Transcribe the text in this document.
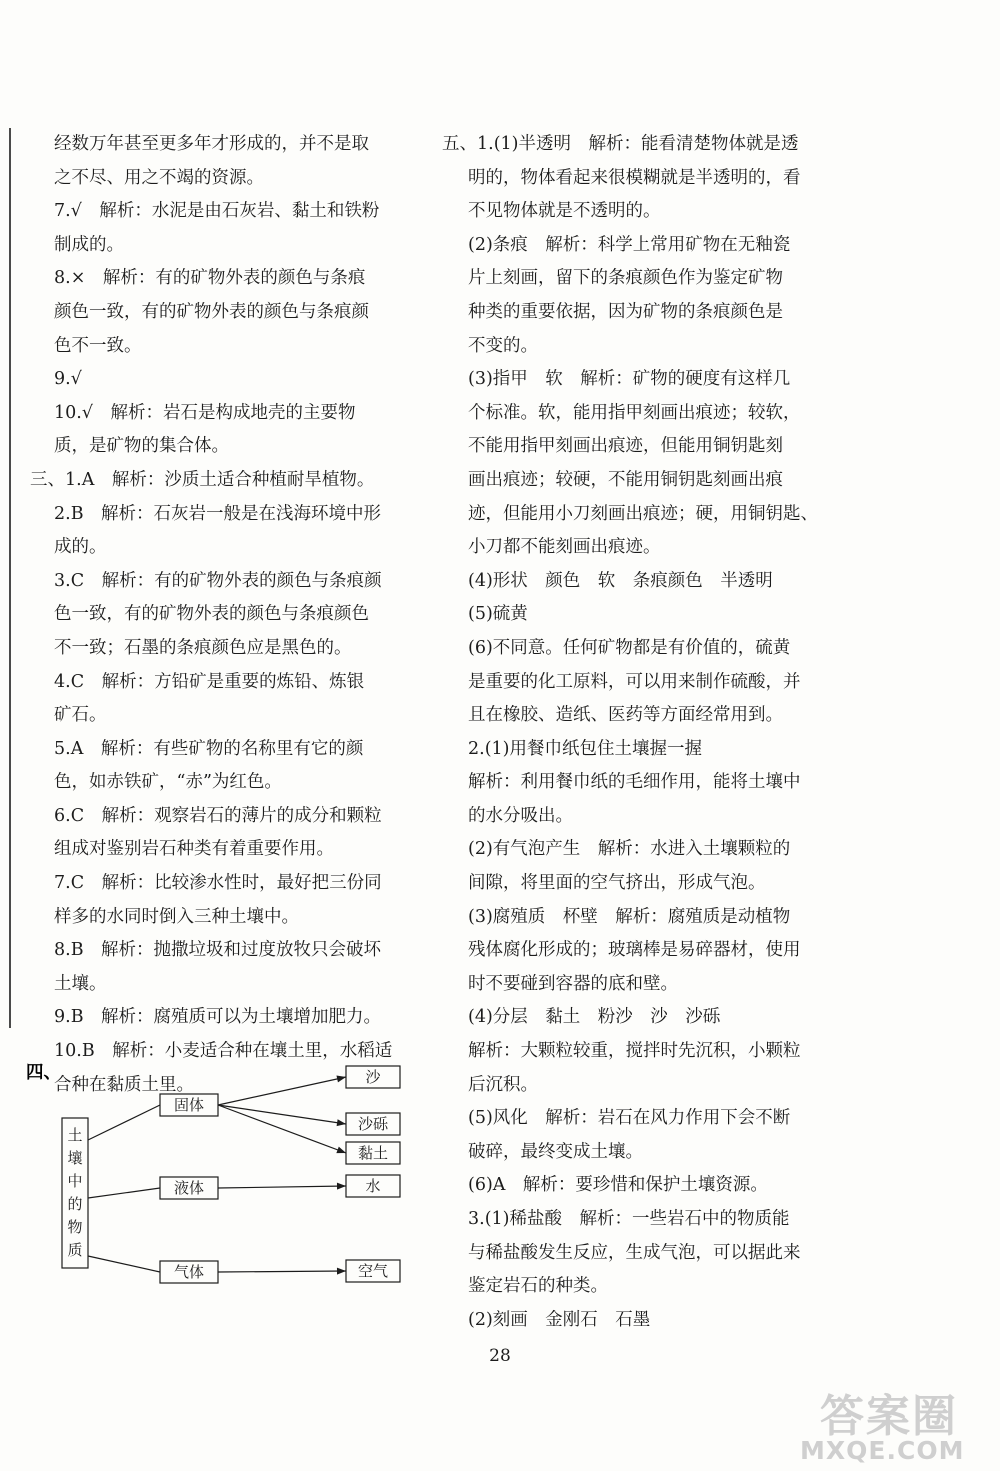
经数万年甚至更多年才形成的，并不是取
之不尽、用之不竭的资源。
7.√　解析：水泥是由石灰岩、黏土和铁粉
制成的。
8.×　解析：有的矿物外表的颜色与条痕
颜色一致，有的矿物外表的颜色与条痕颜
色不一致。
9.√
10.√　解析：岩石是构成地壳的主要物
质，是矿物的集合体。
三、1.A　解析：沙质土适合种植耐旱植物。
2.B　解析：石灰岩一般是在浅海环境中形
成的。
3.C　解析：有的矿物外表的颜色与条痕颜
色一致，有的矿物外表的颜色与条痕颜色
不一致；石墨的条痕颜色应是黑色的。
4.C　解析：方铅矿是重要的炼铅、炼银
矿石。
5.A　解析：有些矿物的名称里有它的颜
色，如赤铁矿，“赤”为红色。
6.C　解析：观察岩石的薄片的成分和颗粒
组成对鉴别岩石种类有着重要作用。
7.C　解析：比较渗水性时，最好把三份同
样多的水同时倒入三种土壤中。
8.B　解析：抛撒垃圾和过度放牧只会破坏
土壤。
9.B　解析：腐殖质可以为土壤增加肥力。
10.B　解析：小麦适合种在壤土里，水稻适
合种在黏质土里。
四、
土壤中的物质
固体
沙
沙砾
黏土
液体	水
气体	空气
五、1.(1)半透明　解析：能看清楚物体就是透
明的，物体看起来很模糊就是半透明的，看
不见物体就是不透明的。
(2)条痕　解析：科学上常用矿物在无釉瓷
片上刻画，留下的条痕颜色作为鉴定矿物
种类的重要依据，因为矿物的条痕颜色是
不变的。
(3)指甲　软　解析：矿物的硬度有这样几
个标准。软，能用指甲刻画出痕迹；较软，
不能用指甲刻画出痕迹，但能用铜钥匙刻
画出痕迹；较硬，不能用铜钥匙刻画出痕
迹，但能用小刀刻画出痕迹；硬，用铜钥匙、
小刀都不能刻画出痕迹。
(4)形状　颜色　软　条痕颜色　半透明
(5)硫黄
(6)不同意。任何矿物都是有价值的，硫黄
是重要的化工原料，可以用来制作硫酸，并
且在橡胶、造纸、医药等方面经常用到。
2.(1)用餐巾纸包住土壤握一握
解析：利用餐巾纸的毛细作用，能将土壤中
的水分吸出。
(2)有气泡产生　解析：水进入土壤颗粒的
间隙，将里面的空气挤出，形成气泡。
(3)腐殖质　杯壁　解析：腐殖质是动植物
残体腐化形成的；玻璃棒是易碎器材，使用
时不要碰到容器的底和壁。
(4)分层　黏土　粉沙　沙　沙砾
解析：大颗粒较重，搅拌时先沉积，小颗粒
后沉积。
(5)风化　解析：岩石在风力作用下会不断
破碎，最终变成土壤。
(6)A　解析：要珍惜和保护土壤资源。
3.(1)稀盐酸　解析：一些岩石中的物质能
与稀盐酸发生反应，生成气泡，可以据此来
鉴定岩石的种类。
(2)刻画　金刚石　石墨
28
答案圈
MXQE.COM
